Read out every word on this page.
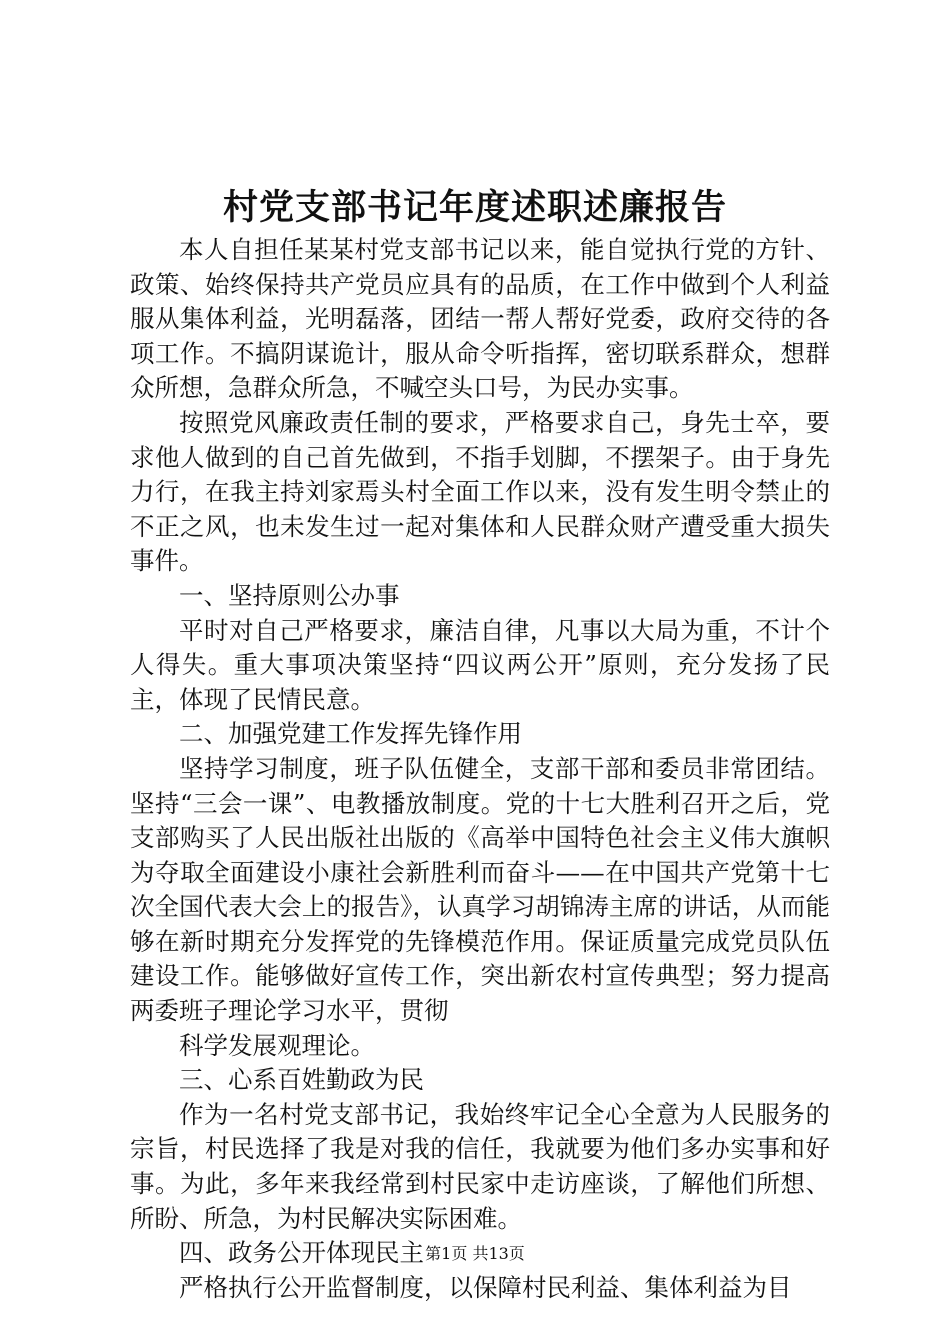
村党支部书记年度述职述廉报告

本人自担任某某村党支部书记以来，能自觉执行党的方针、政策、始终保持共产党员应具有的品质，在工作中做到个人利益服从集体利益，光明磊落，团结一帮人帮好党委，政府交待的各项工作。不搞阴谋诡计，服从命令听指挥，密切联系群众，想群众所想，急群众所急，不喊空头口号，为民办实事。

按照党风廉政责任制的要求，严格要求自己，身先士卒，要求他人做到的自己首先做到，不指手划脚，不摆架子。由于身先力行，在我主持刘家焉头村全面工作以来，没有发生明令禁止的不正之风，也未发生过一起对集体和人民群众财产遭受重大损失事件。

一、坚持原则公办事

平时对自己严格要求，廉洁自律，凡事以大局为重，不计个人得失。重大事项决策坚持“四议两公开”原则，充分发扬了民主，体现了民情民意。

二、加强党建工作发挥先锋作用

坚持学习制度，班子队伍健全，支部干部和委员非常团结。坚持“三会一课”、电教播放制度。党的十七大胜利召开之后，党支部购买了人民出版社出版的《高举中国特色社会主义伟大旗帜为夺取全面建设小康社会新胜利而奋斗——在中国共产党第十七次全国代表大会上的报告》，认真学习胡锦涛主席的讲话，从而能够在新时期充分发挥党的先锋模范作用。保证质量完成党员队伍建设工作。能够做好宣传工作，突出新农村宣传典型；努力提高两委班子理论学习水平，贯彻

科学发展观理论。

三、心系百姓勤政为民

作为一名村党支部书记，我始终牢记全心全意为人民服务的宗旨，村民选择了我是对我的信任，我就要为他们多办实事和好事。为此，多年来我经常到村民家中走访座谈，了解他们所想、所盼、所急，为村民解决实际困难。

四、政务公开体现民主

严格执行公开监督制度，以保障村民利益、集体利益为目

第1页 共13页
